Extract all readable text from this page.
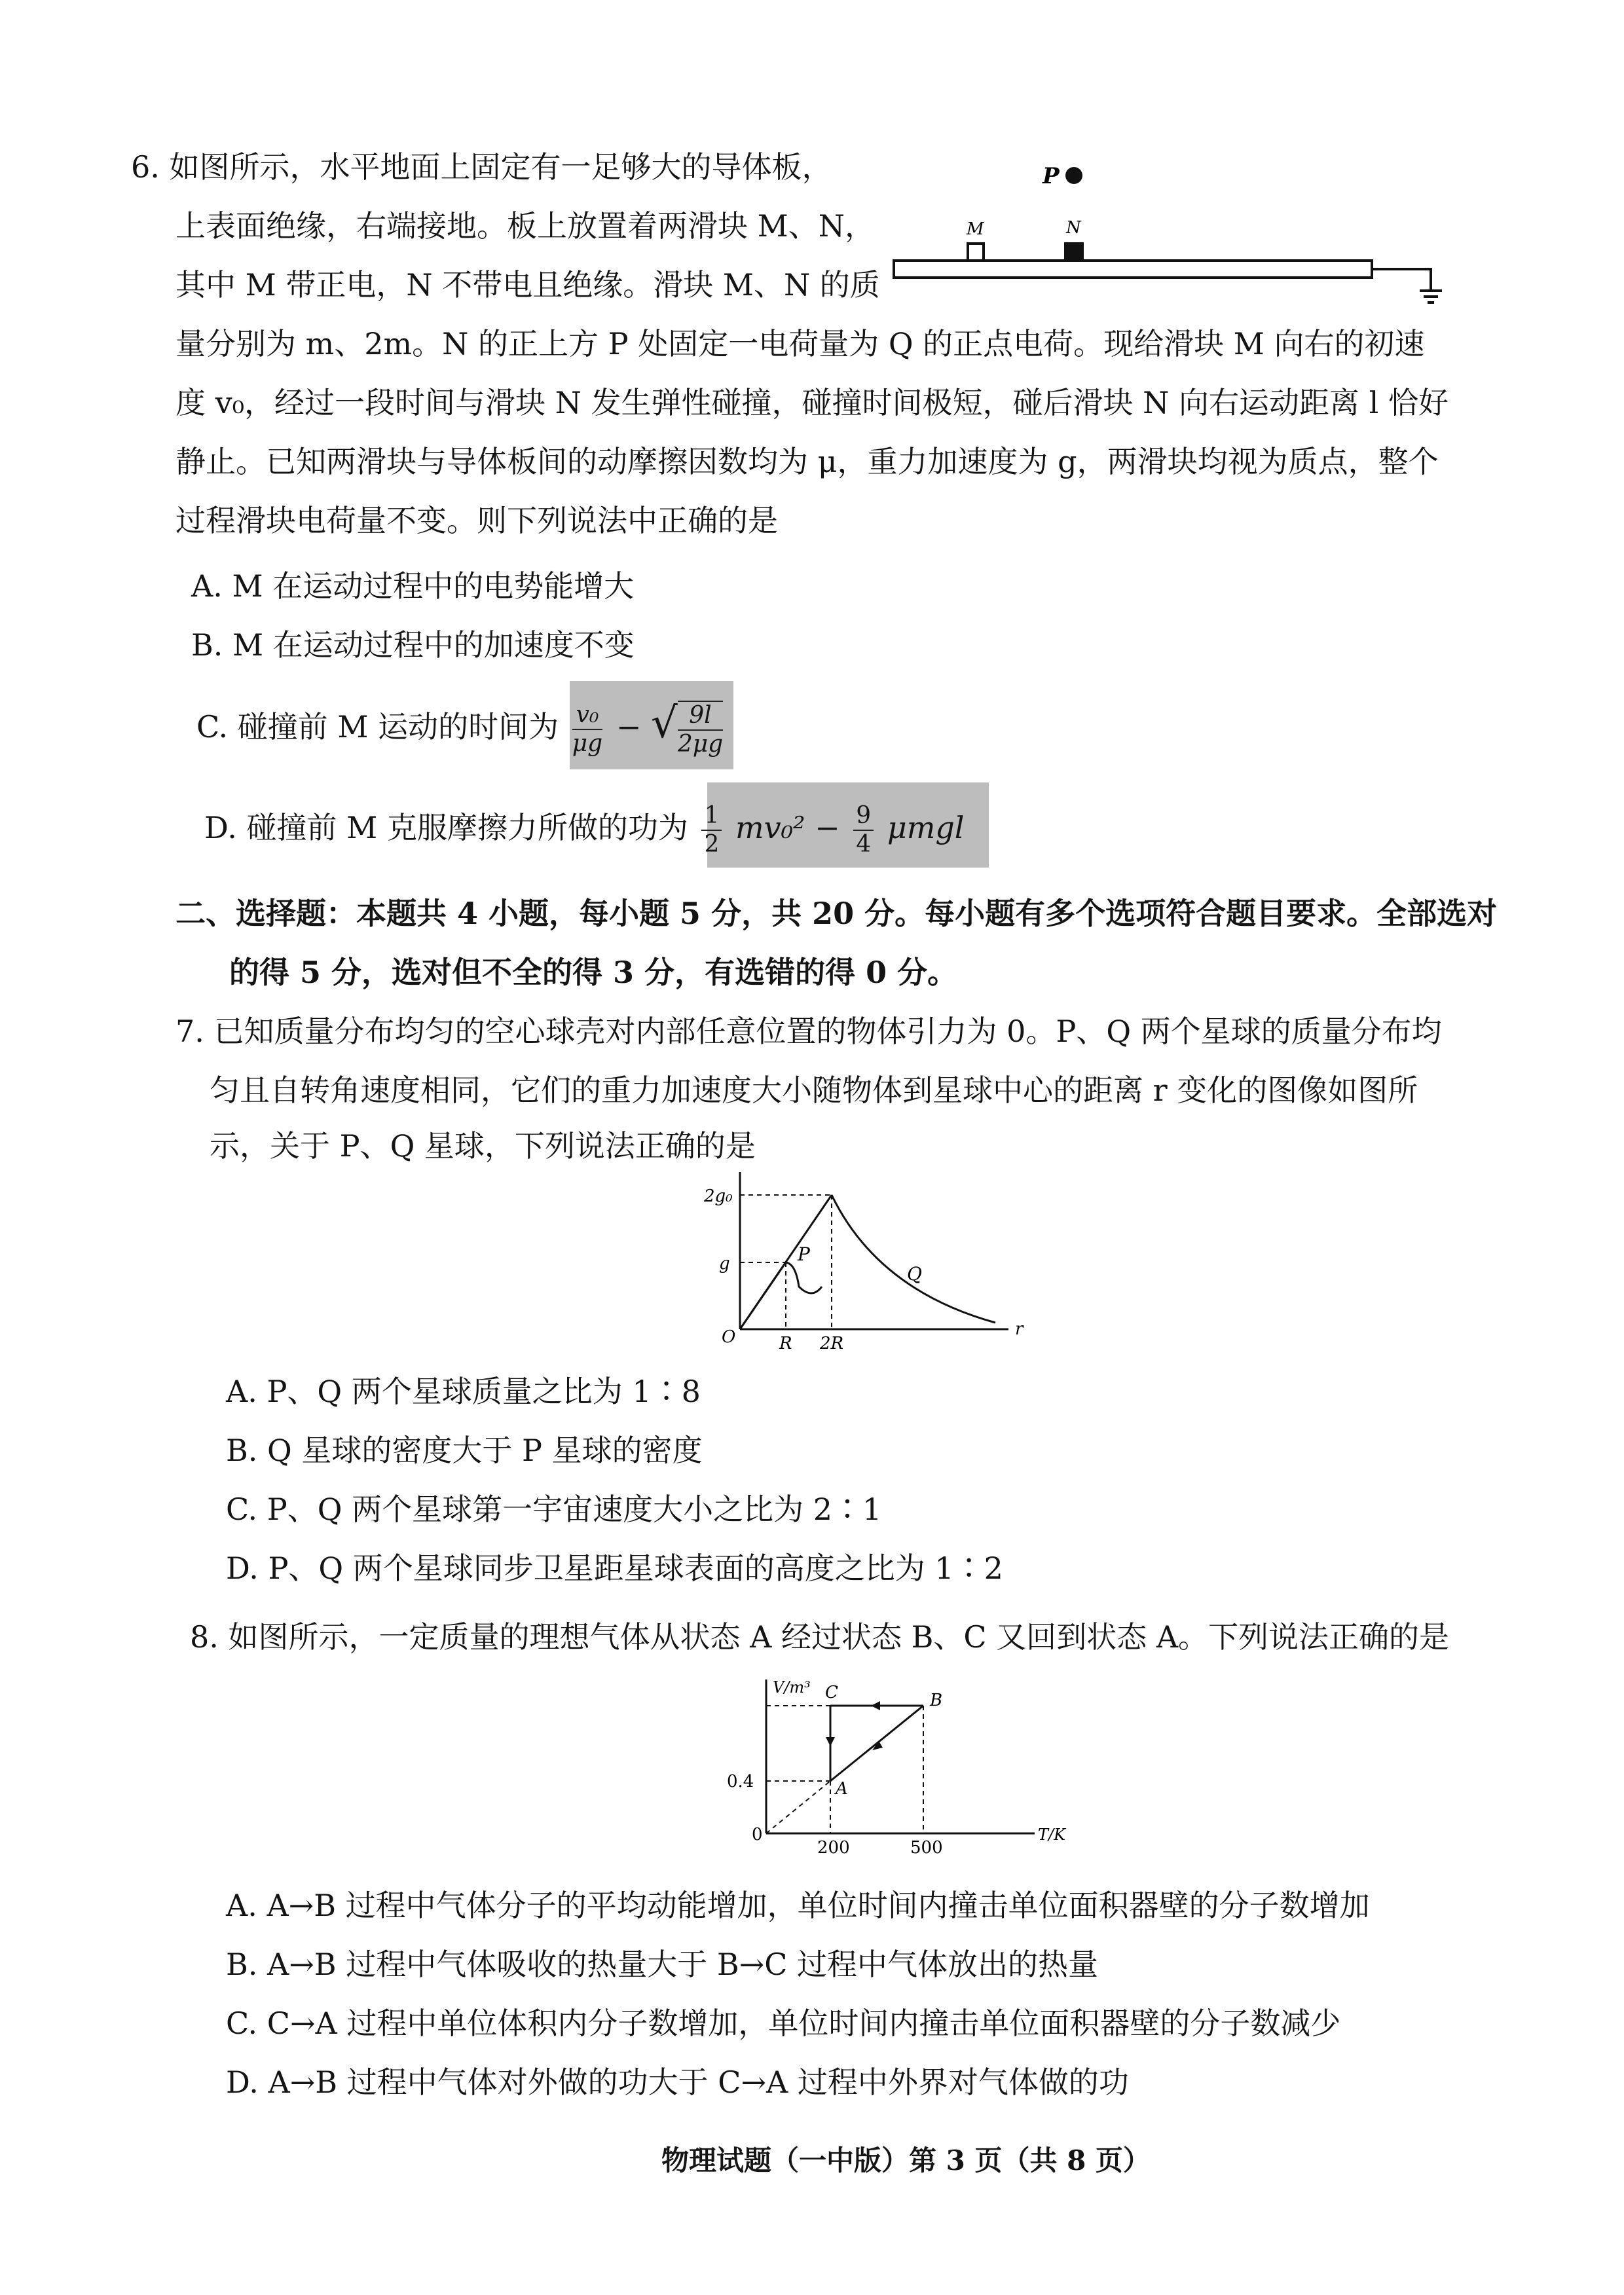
6. 如图所示，水平地面上固定有一足够大的导体板，
上表面绝缘，右端接地。板上放置着两滑块 M、N，
其中 M 带正电，N 不带电且绝缘。滑块 M、N 的质
量分别为 m、2m。N 的正上方 P 处固定一电荷量为 Q 的正点电荷。现给滑块 M 向右的初速
度 v₀，经过一段时间与滑块 N 发生弹性碰撞，碰撞时间极短，碰后滑块 N 向右运动距离 l 恰好
静止。已知两滑块与导体板间的动摩擦因数均为 μ，重力加速度为 g，两滑块均视为质点，整个
过程滑块电荷量不变。则下列说法中正确的是
P
M	N
A. M 在运动过程中的电势能增大
B. M 在运动过程中的加速度不变
C. 碰撞前 M 运动的时间为 $\frac{\text{v₀}}{\mu g}$ − √ $\frac{9l}{2\mu g}$
D. 碰撞前 M 克服摩擦力所做的功为 $\frac{1}{2} mv_0^2 - \frac{9}{4}$ μmgl
二、选择题：本题共 4 小题，每小题 5 分，共 20 分。每小题有多个选项符合题目要求。全部选对
的得 5 分，选对但不全的得 3 分，有选错的得 0 分。
7. 已知质量分布均匀的空心球壳对内部任意位置的物体引力为 0。P、Q 两个星球的质量分布均
匀且自转角速度相同，它们的重力加速度大小随物体到星球中心的距离 r 变化的图像如图所
示，关于 P、Q 星球，下列说法正确的是
2g₀
g
O	R 2R
r
P
Q
A. P、Q 两个星球质量之比为 1∶8
B. Q 星球的密度大于 P 星球的密度
C. P、Q 两个星球第一宇宙速度大小之比为 2∶1
D. P、Q 两个星球同步卫星距星球表面的高度之比为 1∶2
8. 如图所示，一定质量的理想气体从状态 A 经过状态 B、C 又回到状态 A。下列说法正确的是
V/m³
T/K
0
0.4
200	500
A
B
C
A. A→B 过程中气体分子的平均动能增加，单位时间内撞击单位面积器壁的分子数增加
B. A→B 过程中气体吸收的热量大于 B→C 过程中气体放出的热量
C. C→A 过程中单位体积内分子数增加，单位时间内撞击单位面积器壁的分子数减少
D. A→B 过程中气体对外做的功大于 C→A 过程中外界对气体做的功
物理试题（一中版）第 3 页（共 8 页）
